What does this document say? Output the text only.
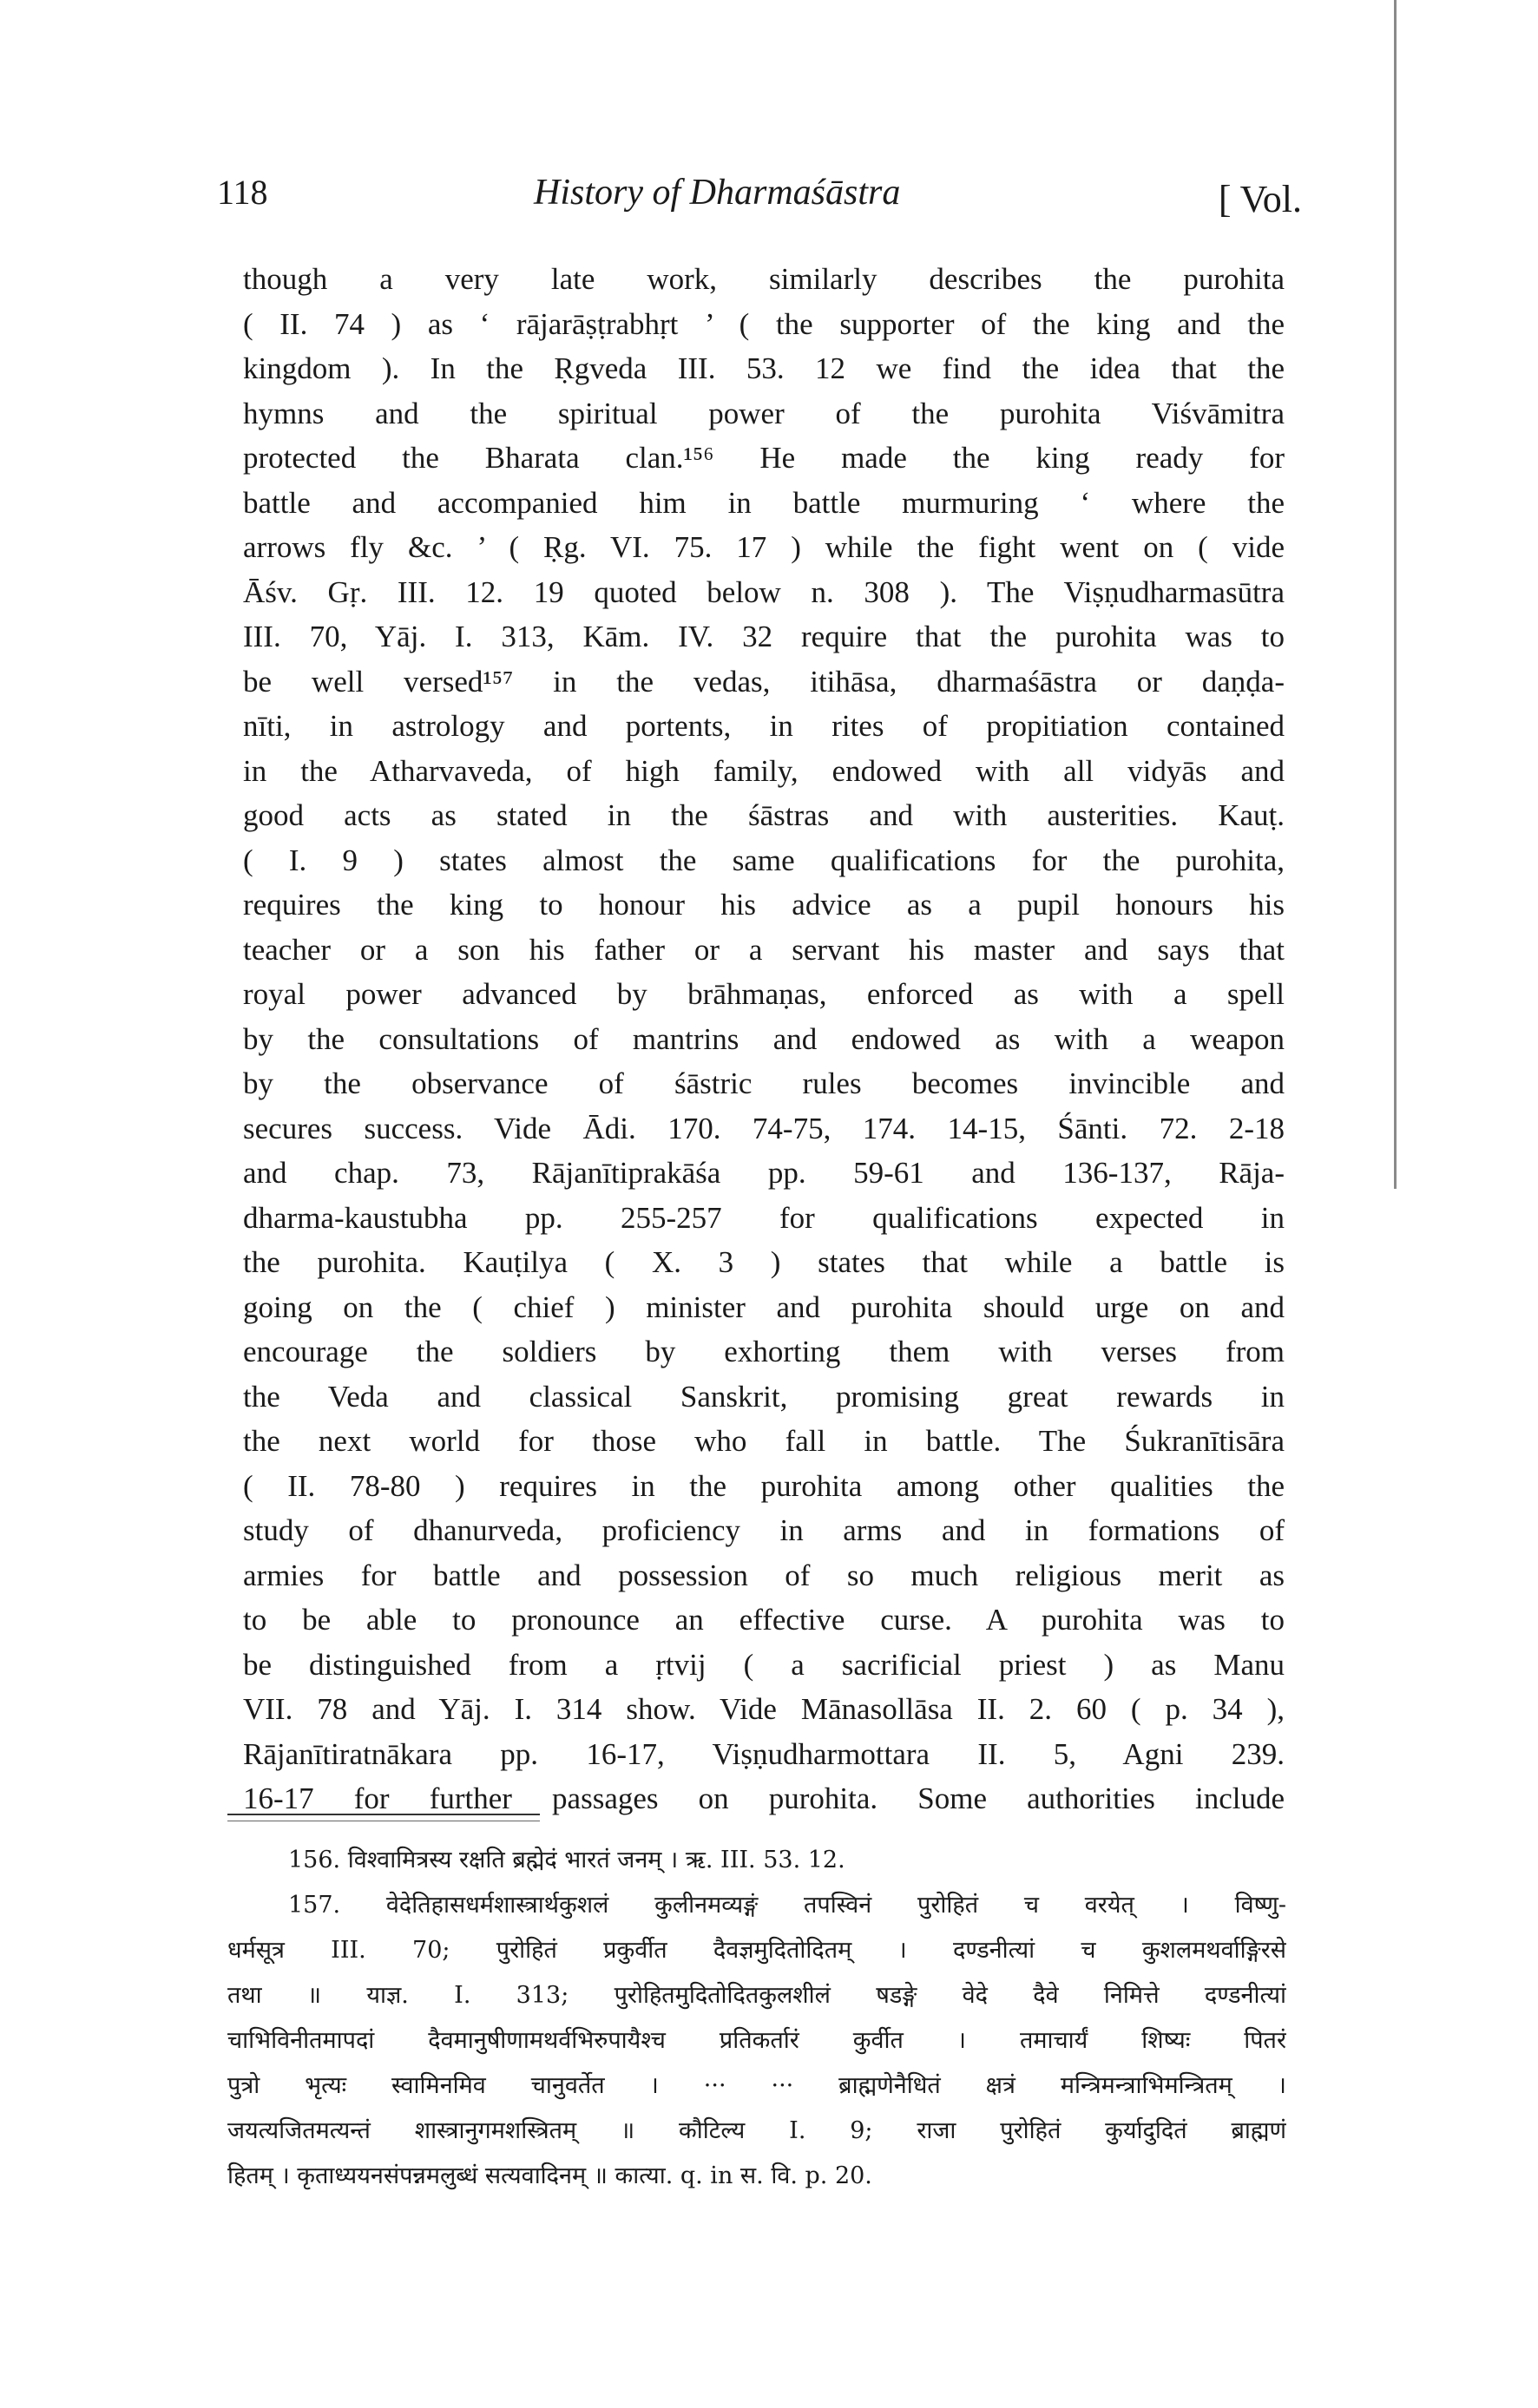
118	History of Dharmaśāstra	[ Vol.
though a very late work, similarly describes the purohita
( II. 74 ) as ‘ rājarāṣṭrabhṛt ’ ( the supporter of the king and the
kingdom ). In the Ṛgveda III. 53. 12 we find the idea that the
hymns and the spiritual power of the purohita Viśvāmitra
protected the Bharata clan.¹⁵⁶ He made the king ready for
battle and accompanied him in battle murmuring ‘ where the
arrows fly &c. ’ ( Ṛg. VI. 75. 17 ) while the fight went on ( vide
Āśv. Gṛ. III. 12. 19 quoted below n. 308 ). The Viṣṇudharmasūtra
III. 70, Yāj. I. 313, Kām. IV. 32 require that the purohita was to
be well versed¹⁵⁷ in the vedas, itihāsa, dharmaśāstra or daṇḍa-
nīti, in astrology and portents, in rites of propitiation contained
in the Atharvaveda, of high family, endowed with all vidyās and
good acts as stated in the śāstras and with austerities. Kauṭ.
( I. 9 ) states almost the same qualifications for the purohita,
requires the king to honour his advice as a pupil honours his
teacher or a son his father or a servant his master and says that
royal power advanced by brāhmaṇas, enforced as with a spell
by the consultations of mantrins and endowed as with a weapon
by the observance of śāstric rules becomes invincible and
secures success. Vide Ādi. 170. 74-75, 174. 14-15, Śānti. 72. 2-18
and chap. 73, Rājanītiprakāśa pp. 59-61 and 136-137, Rāja-
dharma-kaustubha pp. 255-257 for qualifications expected in
the purohita. Kauṭilya ( X. 3 ) states that while a battle is
going on the ( chief ) minister and purohita should urge on and
encourage the soldiers by exhorting them with verses from
the Veda and classical Sanskrit, promising great rewards in
the next world for those who fall in battle. The Śukranītisāra
( II. 78-80 ) requires in the purohita among other qualities the
study of dhanurveda, proficiency in arms and in formations of
armies for battle and possession of so much religious merit as
to be able to pronounce an effective curse. A purohita was to
be distinguished from a ṛtvij ( a sacrificial priest ) as Manu
VII. 78 and Yāj. I. 314 show. Vide Mānasollāsa II. 2. 60 ( p. 34 ),
Rājanītiratnākara pp. 16-17, Viṣṇudharmottara II. 5, Agni 239.
16-17 for further passages on purohita. Some authorities include
156. विश्वामित्रस्य रक्षति ब्रह्मेदं भारतं जनम् । ऋ. III. 53. 12.
157. वेदेतिहासधर्मशास्त्रार्थकुशलं कुलीनमव्यङ्गं तपस्विनं पुरोहितं च वरयेत् । विष्णु-
धर्मसूत्र III. 70; पुरोहितं प्रकुर्वीत दैवज्ञमुदितोदितम् । दण्डनीत्यां च कुशलमथर्वाङ्गिरसे
तथा ॥ याज्ञ. I. 313; पुरोहितमुदितोदितकुलशीलं षडङ्गे वेदे दैवे निमित्ते दण्डनीत्यां
चाभिविनीतमापदां दैवमानुषीणामथर्वभिरुपायैश्च प्रतिकर्तारं कुर्वीत । तमाचार्यं शिष्यः पितरं
पुत्रो भृत्यः स्वामिनमिव चानुवर्तेत । ··· ··· ब्राह्मणेनैधितं क्षत्रं मन्त्रिमन्त्राभिमन्त्रितम् ।
जयत्यजितमत्यन्तं शास्त्रानुगमशस्त्रितम् ॥ कौटिल्य I. 9; राजा पुरोहितं कुर्यादुदितं ब्राह्मणं
हितम् । कृताध्ययनसंपन्नमलुब्धं सत्यवादिनम् ॥ कात्या. q. in स. वि. p. 20.
